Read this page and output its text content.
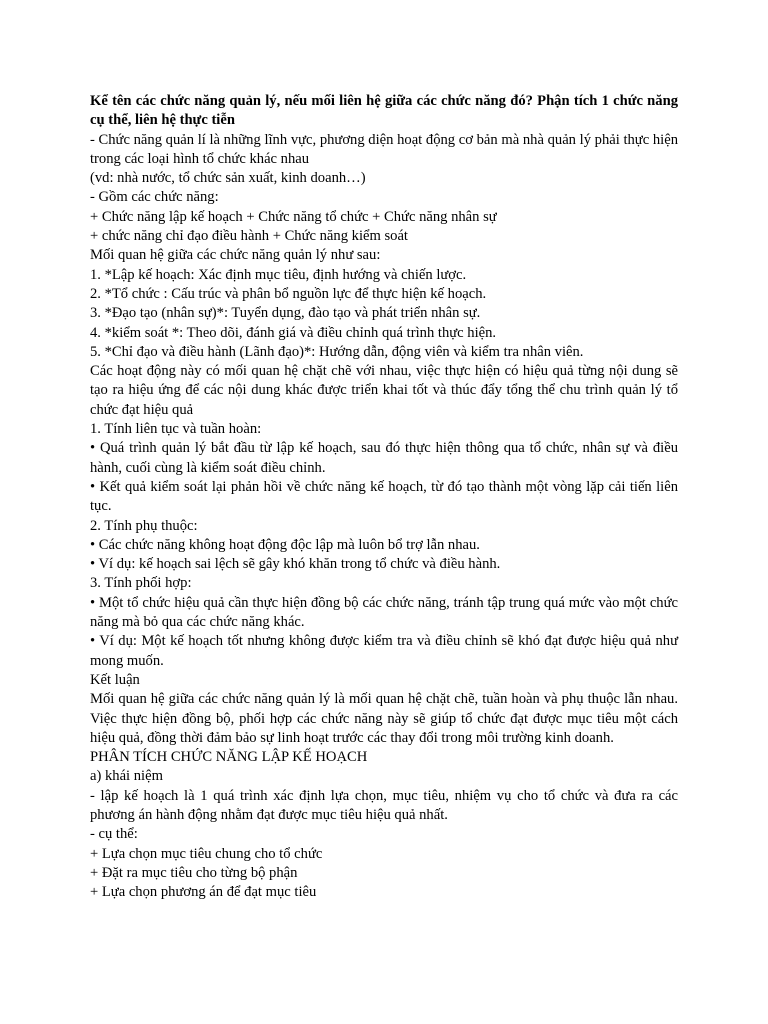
Kể tên các chức năng quản lý, nếu mối liên hệ giữa các chức năng đó? Phận tích 1 chức năng cụ thể, liên hệ thực tiễn

- Chức năng quản lí là những lĩnh vực, phương diện hoạt động cơ bản mà nhà quản lý phải thực hiện trong các loại hình tổ chức khác nhau

(vd: nhà nước, tổ chức sản xuất, kinh doanh…)

- Gồm các chức năng:

+ Chức năng lập kế hoạch + Chức năng tổ chức + Chức năng nhân sự

+ chức năng chỉ đạo điều hành + Chức năng kiểm soát

Mối quan hệ giữa các chức năng quản lý như sau:

1. *Lập kế hoạch: Xác định mục tiêu, định hướng và chiến lược.

2. *Tổ chức : Cấu trúc và phân bổ nguồn lực để thực hiện kế hoạch.

3. *Đạo tạo (nhân sự)*: Tuyển dụng, đào tạo và phát triển nhân sự.

4. *kiểm soát *: Theo dõi, đánh giá và điều chỉnh quá trình thực hiện.

5. *Chỉ đạo và điều hành (Lãnh đạo)*: Hướng dẫn, động viên và kiểm tra nhân viên.

Các hoạt động này có mối quan hệ chặt chẽ với nhau, việc thực hiện có hiệu quả từng nội dung sẽ tạo ra hiệu ứng để các nội dung khác được triển khai tốt và thúc đẩy tổng thể chu trình quản lý tổ chức đạt hiệu quả

1. Tính liên tục và tuần hoàn:

• Quá trình quản lý bắt đầu từ lập kế hoạch, sau đó thực hiện thông qua tổ chức, nhân sự và điều hành, cuối cùng là kiểm soát điều chỉnh.

• Kết quả kiểm soát lại phản hồi về chức năng kế hoạch, từ đó tạo thành một vòng lặp cải tiến liên tục.

2. Tính phụ thuộc:

• Các chức năng không hoạt động độc lập mà luôn bổ trợ lẫn nhau.

• Ví dụ: kế hoạch sai lệch sẽ gây khó khăn trong tổ chức và điều hành.

3. Tính phối hợp:

• Một tổ chức hiệu quả cần thực hiện đồng bộ các chức năng, tránh tập trung quá mức vào một chức năng mà bỏ qua các chức năng khác.

• Ví dụ: Một kế hoạch tốt nhưng không được kiểm tra và điều chỉnh sẽ khó đạt được hiệu quả như mong muốn.

Kết luận

Mối quan hệ giữa các chức năng quản lý là mối quan hệ chặt chẽ, tuần hoàn và phụ thuộc lẫn nhau. Việc thực hiện đồng bộ, phối hợp các chức năng này sẽ giúp tổ chức đạt được mục tiêu một cách hiệu quả, đồng thời đảm bảo sự linh hoạt trước các thay đổi trong môi trường kinh doanh.

PHÂN TÍCH CHỨC NĂNG LẬP KẾ HOẠCH

a) khái niệm

- lập kế hoạch là 1 quá trình xác định lựa chọn, mục tiêu, nhiệm vụ cho tổ chức và đưa ra các phương án hành động nhằm đạt được mục tiêu hiệu quả nhất.

- cụ thể:

+ Lựa chọn mục tiêu chung cho tổ chức

+ Đặt ra mục tiêu cho từng bộ phận

+ Lựa chọn phương án để đạt mục tiêu
